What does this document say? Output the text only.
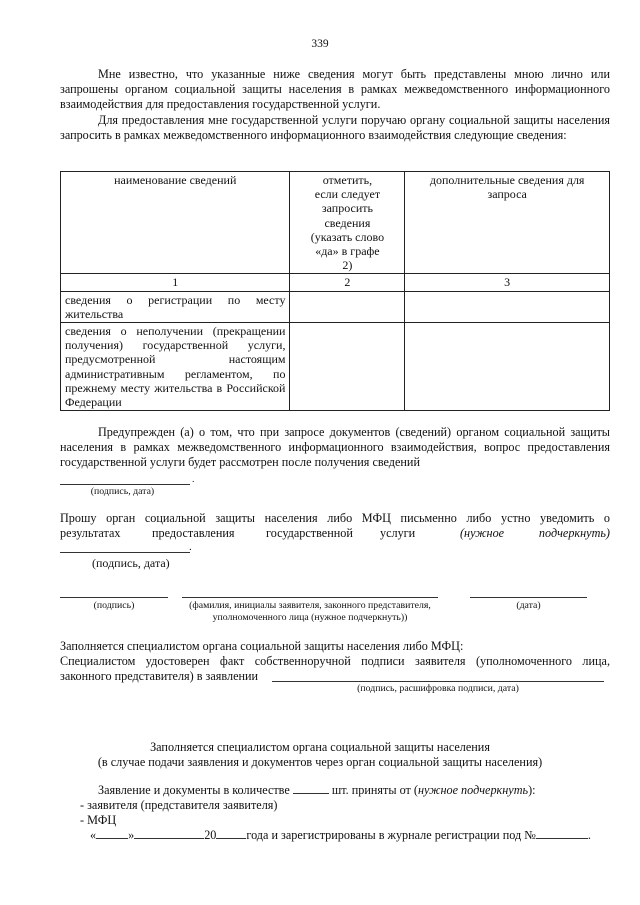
339
Мне известно, что указанные ниже сведения могут быть представлены мною лично или запрошены органом социальной защиты населения в рамках межведомственного информационного взаимодействия для предоставления государственной услуги.
Для предоставления мне государственной услуги поручаю органу социальной защиты населения запросить в рамках межведомственного информационного взаимодействия следующие сведения:
наименование сведений	отметить, если следует запросить сведения (указать слово «да» в графе 2)	дополнительные сведения для запроса
1	2	3
сведения о регистрации по месту жительства		
сведения о неполучении (прекращении получения) государственной услуги, предусмотренной настоящим административным регламентом, по прежнему месту жительства в Российской Федерации		
Предупрежден (а) о том, что при запросе документов (сведений) органом социальной защиты населения в рамках межведомственного информационного взаимодействия, вопрос предоставления государственной услуги будет рассмотрен после получения сведений
.
(подпись, дата)
Прошу орган социальной защиты населения либо МФЦ письменно либо устно уведомить о
результатах	предоставления	государственной услуги	(нужное подчеркнуть)
.
(подпись, дата)
(подпись)	(фамилия, инициалы заявителя, законного представителя,
уполномоченного лица (нужное подчеркнуть))
(дата)
Заполняется специалистом органа социальной защиты населения либо МФЦ:
Специалистом удостоверен факт собственноручной подписи заявителя (уполномоченного лица,
законного представителя) в заявлении
(подпись, расшифровка подписи, дата)
Заполняется специалистом органа социальной защиты населения
(в случае подачи заявления и документов через орган социальной защиты населения)
Заявление и документы в количестве	шт. приняты от (нужное подчеркнуть):
- заявителя (представителя заявителя)
- МФЦ
«	»	20 года и зарегистрированы в журнале регистрации под №	.
